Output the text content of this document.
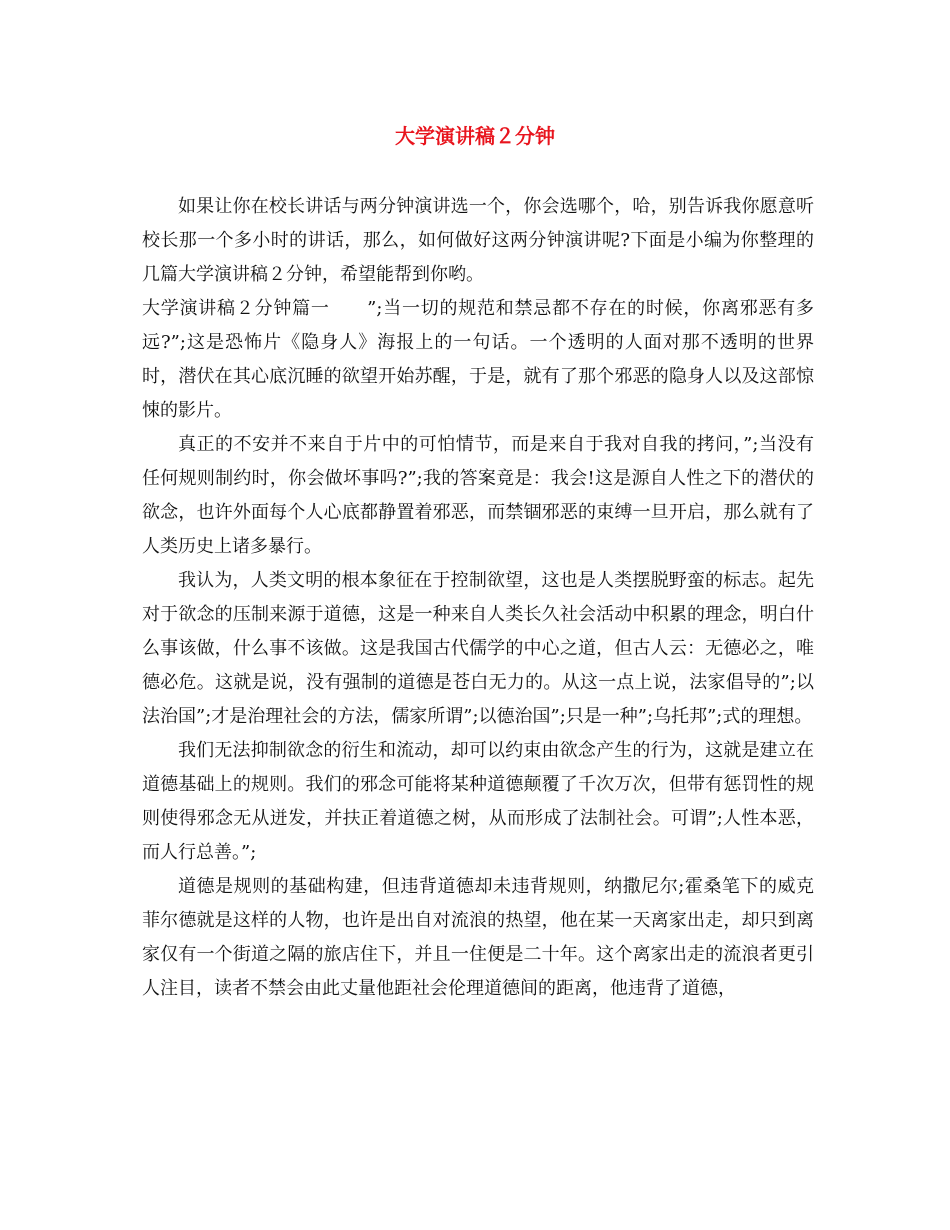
大学演讲稿２分钟

如果让你在校长讲话与两分钟演讲选一个，你会选哪个，哈，别告诉我你愿意听校长那一个多小时的讲话，那么，如何做好这两分钟演讲呢?下面是小编为你整理的几篇大学演讲稿２分钟，希望能帮到你哟。

大学演讲稿２分钟篇一　　”;当一切的规范和禁忌都不存在的时候，你离邪恶有多远?”;这是恐怖片《隐身人》海报上的一句话。一个透明的人面对那不透明的世界时，潜伏在其心底沉睡的欲望开始苏醒，于是，就有了那个邪恶的隐身人以及这部惊悚的影片。

真正的不安并不来自于片中的可怕情节，而是来自于我对自我的拷问，”;当没有任何规则制约时，你会做坏事吗?”;我的答案竟是：我会!这是源自人性之下的潜伏的欲念，也许外面每个人心底都静置着邪恶，而禁锢邪恶的束缚一旦开启，那么就有了人类历史上诸多暴行。

我认为，人类文明的根本象征在于控制欲望，这也是人类摆脱野蛮的标志。起先对于欲念的压制来源于道德，这是一种来自人类长久社会活动中积累的理念，明白什么事该做，什么事不该做。这是我国古代儒学的中心之道，但古人云：无德必之，唯德必危。这就是说，没有强制的道德是苍白无力的。从这一点上说，法家倡导的”;以法治国”;才是治理社会的方法，儒家所谓”;以德治国”;只是一种”;乌托邦”;式的理想。

我们无法抑制欲念的衍生和流动，却可以约束由欲念产生的行为，这就是建立在道德基础上的规则。我们的邪念可能将某种道德颠覆了千次万次，但带有惩罚性的规则使得邪念无从迸发，并扶正着道德之树，从而形成了法制社会。可谓”;人性本恶，而人行总善。”;

道德是规则的基础构建，但违背道德却未违背规则，纳撒尼尔;霍桑笔下的威克菲尔德就是这样的人物，也许是出自对流浪的热望，他在某一天离家出走，却只到离家仅有一个街道之隔的旅店住下，并且一住便是二十年。这个离家出走的流浪者更引人注目，读者不禁会由此丈量他距社会伦理道德间的距离，他违背了道德，
